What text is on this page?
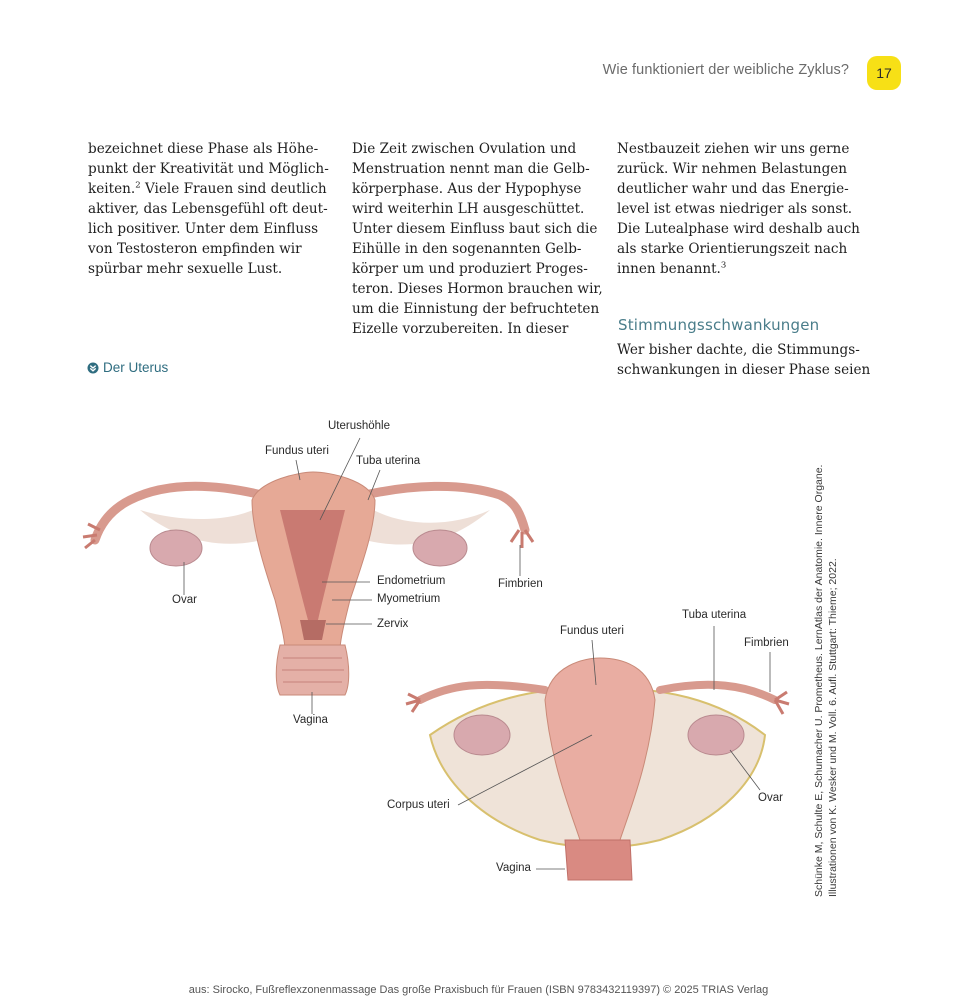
Wie funktioniert der weibliche Zyklus?	17
bezeichnet diese Phase als Höhe-
punkt der Kreativität und Möglich-
keiten.$^2$ Viele Frauen sind deutlich
aktiver, das Lebensgefühl oft deut-
lich positiver. Unter dem Einfluss
von Testosteron empfinden wir
spürbar mehr sexuelle Lust.
Die Zeit zwischen Ovulation und
Menstruation nennt man die Gelb-
körperphase. Aus der Hypophyse
wird weiterhin LH ausgeschüttet.
Unter diesem Einfluss baut sich die
Eihülle in den sogenannten Gelb-
körper um und produziert Proges-
teron. Dieses Hormon brauchen wir,
um die Einnistung der befruchteten
Eizelle vorzubereiten. In dieser
Nestbauzeit ziehen wir uns gerne
zurück. Wir nehmen Belastungen
deutlicher wahr und das Energie-
level ist etwas niedriger als sonst.
Die Lutealphase wird deshalb auch
als starke Orientierungszeit nach
innen benannt.$^3$
Stimmungsschwankungen
Wer bisher dachte, die Stimmungs-
schwankungen in dieser Phase seien
Der Uterus
Uterushöhle
Fundus uteri
Tuba uterina
Endometrium
Myometrium
Zervix
Ovar
Fimbrien
Vagina
Fundus uteri
Tuba uterina
Fimbrien
Ovar
Corpus uteri
Vagina	Schünke M, Schulte E, Schumacher U. Prometheus. LernAtlas der Anatomie. Innere Organe. Illustrationen von K. Wesker und M. Voll. 6. Aufl. Stuttgart: Thieme; 2022.
aus: Sirocko, Fußreflexzonenmassage Das große Praxisbuch für Frauen (ISBN 9783432119397) © 2025 TRIAS Verlag
